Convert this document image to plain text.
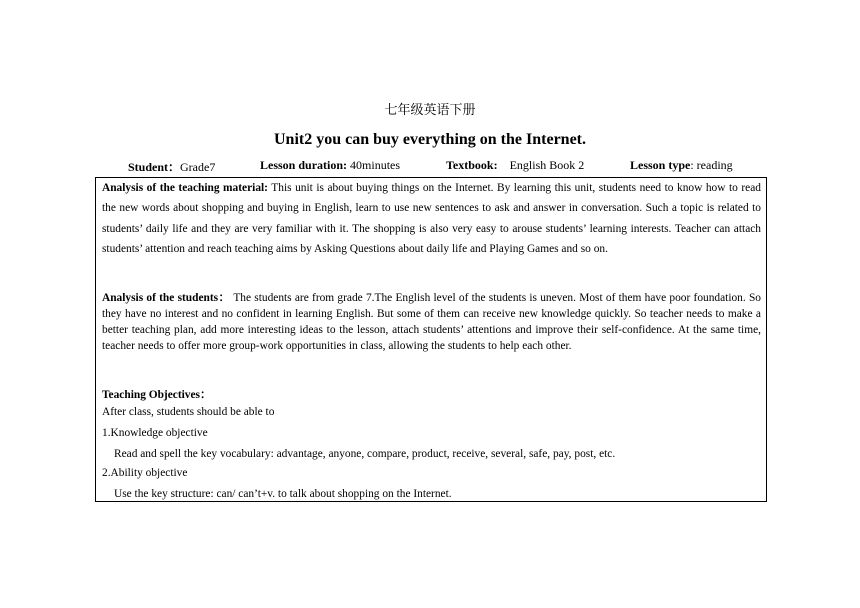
七年级英语下册
Unit2 you can buy everything on the Internet.
Student：Grade7	Lesson duration: 40minutes	Textbook: English Book 2	Lesson type: reading
Analysis of the teaching material: This unit is about buying things on the Internet. By learning this unit, students need to know how to read the new words about shopping and buying in English, learn to use new sentences to ask and answer in conversation. Such a topic is related to students’ daily life and they are very familiar with it. The shopping is also very easy to arouse students’ learning interests. Teacher can attach students’ attention and reach teaching aims by Asking Questions about daily life and Playing Games and so on.
Analysis of the students： The students are from grade 7.The English level of the students is uneven. Most of them have poor foundation. So they have no interest and no confident in learning English. But some of them can receive new knowledge quickly. So teacher needs to make a better teaching plan, add more interesting ideas to the lesson, attach students’ attentions and improve their self-confidence. At the same time, teacher needs to offer more group-work opportunities in class, allowing the students to help each other.
Teaching Objectives：
After class, students should be able to
1.Knowledge objective
Read and spell the key vocabulary: advantage, anyone, compare, product, receive, several, safe, pay, post, etc.
2.Ability objective
Use the key structure: can/ can’t+v. to talk about shopping on the Internet.
